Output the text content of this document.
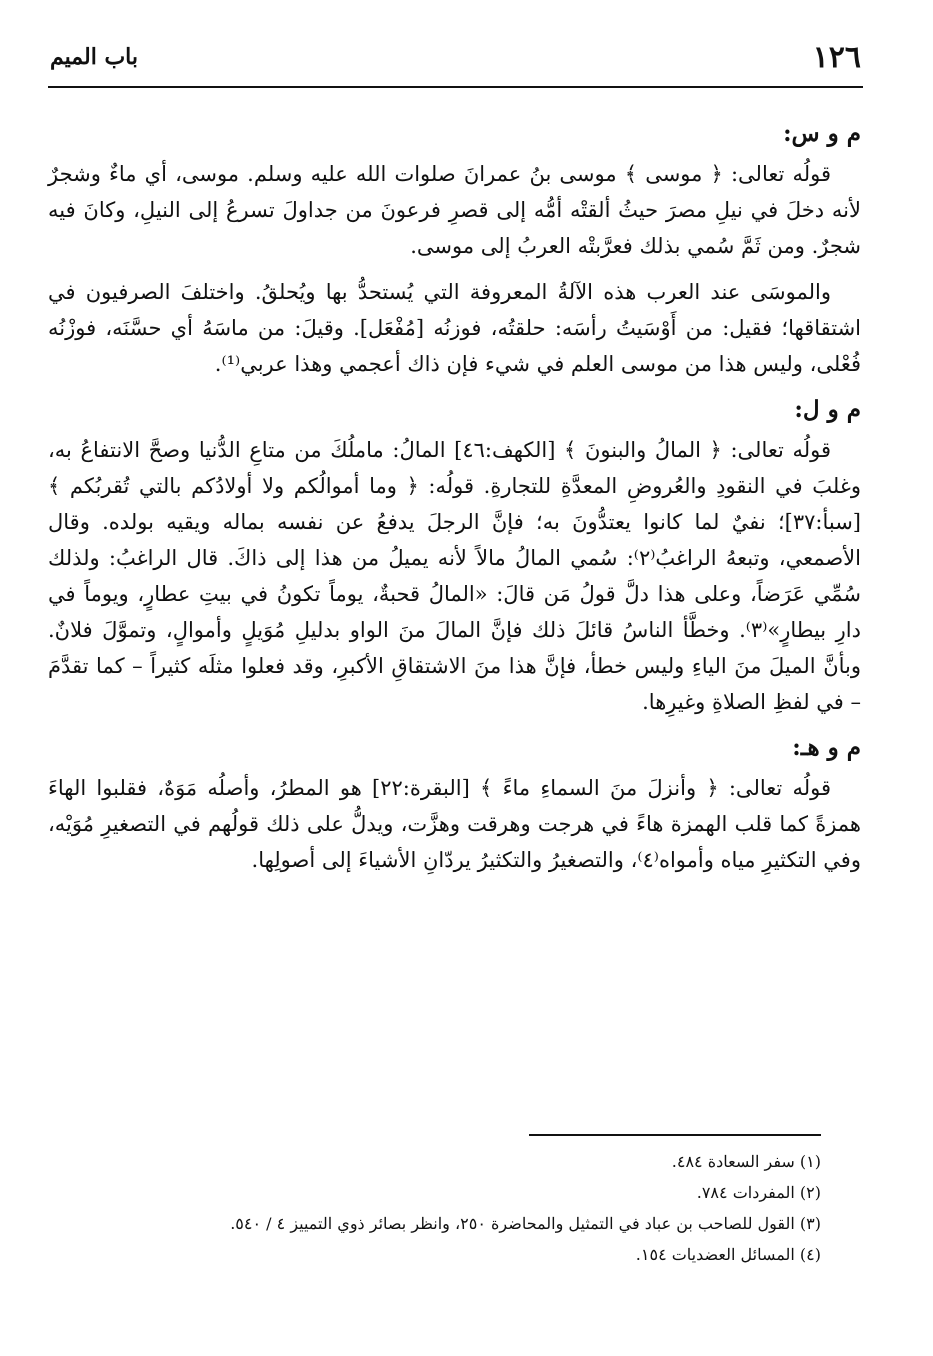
١٢٦
باب الميم
م و س:

قولُه تعالى: ﴿ موسى ﴾ موسى بنُ عمرانَ صلوات الله عليه وسلم. موسى، أي ماءٌ وشجرٌ لأنه دخلَ في نيلِ مصرَ حيثُ ألقتْه أمُّه إلى قصرِ فرعونَ من جداولَ تسرعُ إلى النيلِ، وكانَ فيه شجرٌ. ومن ثَمَّ سُمي بذلك فعرَّبتْه العربُ إلى موسى.

والموسَى عند العرب هذه الآلةُ المعروفة التي يُستحدُّ بها ويُحلقُ. واختلفَ الصرفيون في اشتقاقها؛ فقيل: من أَوْسَيتُ رأسَه: حلقتُه، فوزنُه [مُفْعَل]. وقيلَ: من ماسَهُ أي حسَّنَه، فوزْنُه فُعْلى، وليس هذا من موسى العلم في شيء فإن ذاك أعجمي وهذا عربي⁽¹⁾.

م و ل:

قولُه تعالى: ﴿ المالُ والبنونَ ﴾ [الكهف:٤٦] المالُ: ماملُكَ من متاعِ الدُّنيا وصحَّ الانتفاعُ به، وغلبَ في النقودِ والعُروضِ المعدَّةِ للتجارةِ. قولُه: ﴿ وما أموالُكم ولا أولادُكم بالتي تُقربُكم ﴾ [سبأ:٣٧]؛ نفيٌ لما كانوا يعتدُّونَ به؛ فإنَّ الرجلَ يدفعُ عن نفسه بماله ويقيه بولده. وقال الأصمعي، وتبعهُ الراغبُ⁽٢⁾: سُمي المالُ مالاً لأنه يميلُ من هذا إلى ذاكَ. قال الراغبُ: ولذلك سُمِّي عَرَضاً، وعلى هذا دلَّ قولُ مَن قالَ: «المالُ قحبةٌ، يوماً تكونُ في بيتِ عطارٍ، ويوماً في دارِ بيطارٍ»⁽٣⁾. وخطَّأ الناسُ قائلَ ذلك فإنَّ المالَ منَ الواو بدليلِ مُوَيلٍ وأموالٍ، وتموَّلَ فلانٌ. وبأنَّ الميلَ منَ الياءِ وليس خطأ، فإنَّ هذا منَ الاشتقاقِ الأكبرِ، وقد فعلوا مثلَه كثيراً – كما تقدَّمَ – في لفظِ الصلاةِ وغيرِها.

م و هـ:

قولُه تعالى: ﴿ وأنزلَ منَ السماءِ ماءً ﴾ [البقرة:٢٢] هو المطرُ، وأصلُه مَوَهٌ، فقلبوا الهاءَ همزةً كما قلب الهمزة هاءً في هرجت وهرقت وهزَّت، ويدلُّ على ذلك قولُهم في التصغيرِ مُوَيْه، وفي التكثيرِ مياه وأمواه⁽٤⁾، والتصغيرُ والتكثيرُ يردّانِ الأشياءَ إلى أصولِها.

(١) سفر السعادة ٤٨٤.

(٢) المفردات ٧٨٤.

(٣) القول للصاحب بن عباد في التمثيل والمحاضرة ٢٥٠، وانظر بصائر ذوي التمييز ٤ / ٥٤٠.

(٤) المسائل العضديات ١٥٤.
